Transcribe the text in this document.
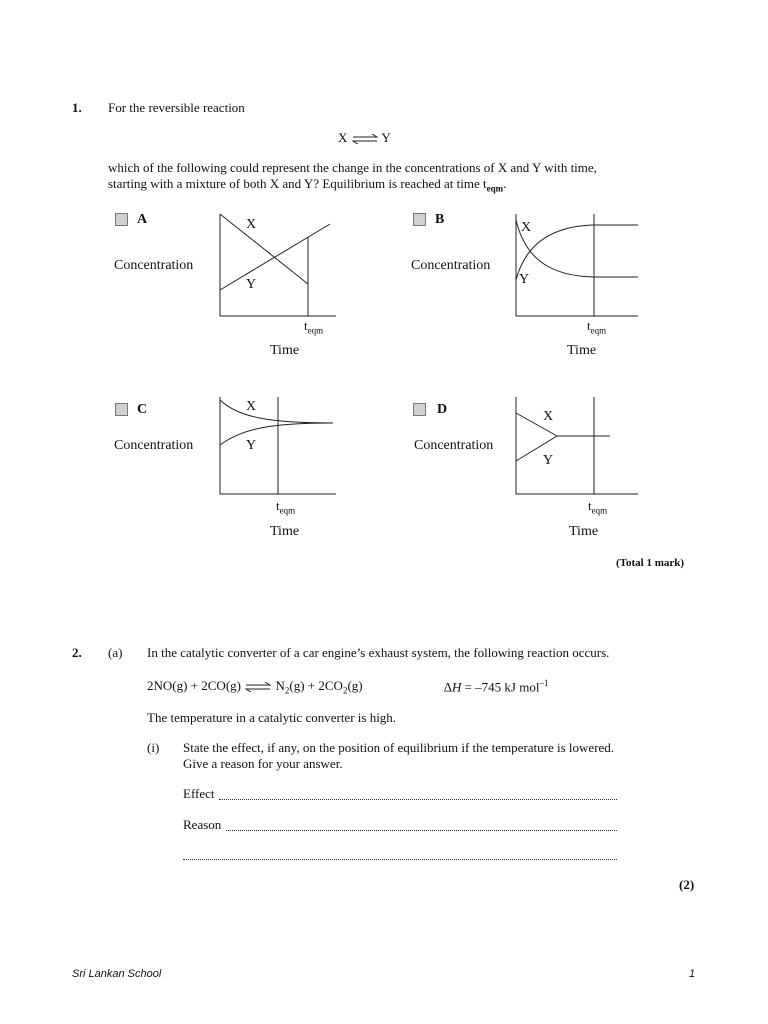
1. For the reversible reaction
X ⇌ Y
which of the following could represent the change in the concentrations of X and Y with time,
starting with a mixture of both X and Y? Equilibrium is reached at time $t_{eqm}$.
A
Concentration
X
Y
$t_{eqm}$
Time
B
Concentration
X
Y
$t_{eqm}$
Time
C
Concentration
X
Y
$t_{eqm}$
Time
D
Concentration
X
Y
$t_{eqm}$
Time
(Total 1 mark)
2. (a) In the catalytic converter of a car engine’s exhaust system, the following reaction occurs.
2NO(g) + 2CO(g) ⇌ $N_2(g) + 2CO_2(g)$	∆H = –745 kJ mol$^{-1}$
The temperature in a catalytic converter is high.
(i) State the effect, if any, on the position of equilibrium if the temperature is lowered.
Give a reason for your answer.
Effect
Reason
(2)
Sri Lankan School	1
